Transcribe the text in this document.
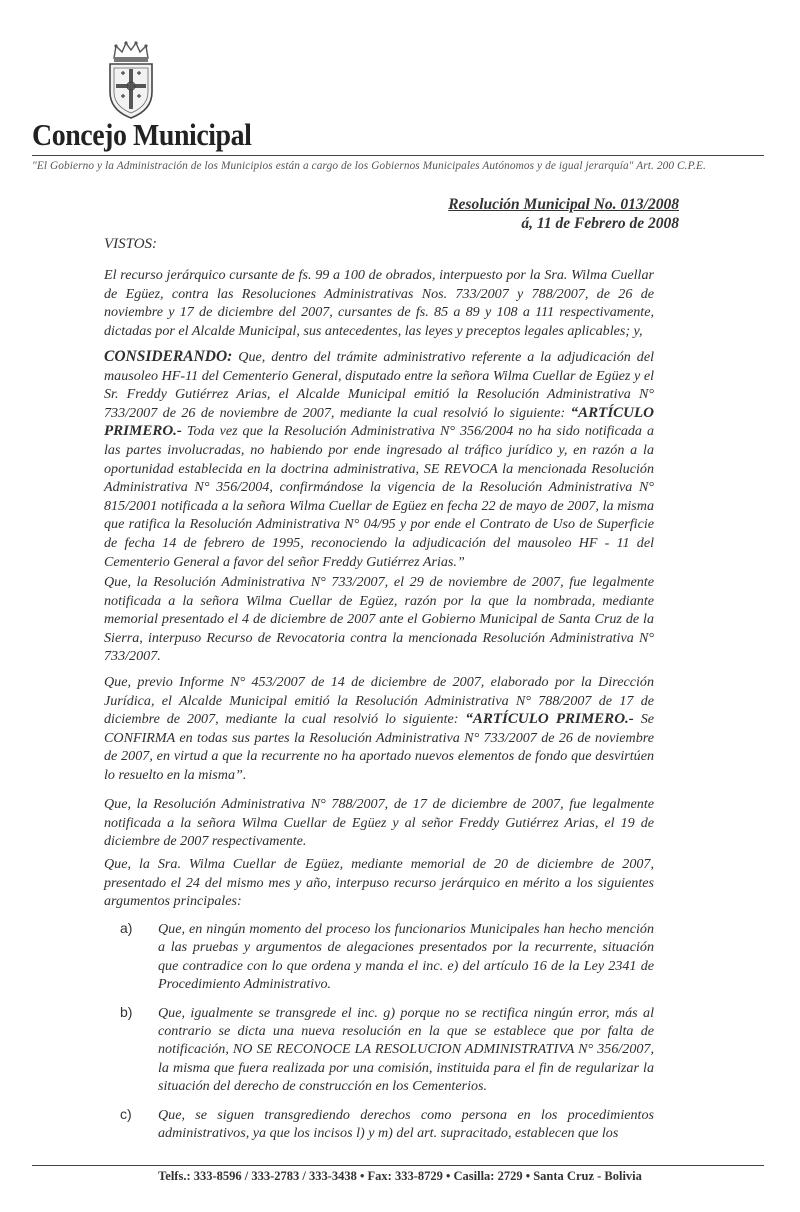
Concejo Municipal
"El Gobierno y la Administración de los Municipios están a cargo de los Gobiernos Municipales Autónomos y de igual jerarquía" Art. 200 C.P.E.
Resolución Municipal No. 013/2008
á, 11 de Febrero de 2008
VISTOS:
El recurso jerárquico cursante de fs. 99 a 100 de obrados, interpuesto por la Sra. Wilma Cuellar de Egüez, contra las Resoluciones Administrativas Nos. 733/2007 y 788/2007, de 26 de noviembre y 17 de diciembre del 2007, cursantes de fs. 85 a 89 y 108 a 111 respectivamente, dictadas por el Alcalde Municipal, sus antecedentes, las leyes y preceptos legales aplicables; y,
CONSIDERANDO: Que, dentro del trámite administrativo referente a la adjudicación del mausoleo HF-11 del Cementerio General, disputado entre la señora Wilma Cuellar de Egüez y el Sr. Freddy Gutiérrez Arias, el Alcalde Municipal emitió la Resolución Administrativa N° 733/2007 de 26 de noviembre de 2007, mediante la cual resolvió lo siguiente: “ARTÍCULO PRIMERO.- Toda vez que la Resolución Administrativa N° 356/2004 no ha sido notificada a las partes involucradas, no habiendo por ende ingresado al tráfico jurídico y, en razón a la oportunidad establecida en la doctrina administrativa, SE REVOCA la mencionada Resolución Administrativa N° 356/2004, confirmándose la vigencia de la Resolución Administrativa N° 815/2001 notificada a la señora Wilma Cuellar de Egüez en fecha 22 de mayo de 2007, la misma que ratifica la Resolución Administrativa N° 04/95 y por ende el Contrato de Uso de Superficie de fecha 14 de febrero de 1995, reconociendo la adjudicación del mausoleo HF - 11 del Cementerio General a favor del señor Freddy Gutiérrez Arias.”
Que, la Resolución Administrativa N° 733/2007, el 29 de noviembre de 2007, fue legalmente notificada a la señora Wilma Cuellar de Egüez, razón por la que la nombrada, mediante memorial presentado el 4 de diciembre de 2007 ante el Gobierno Municipal de Santa Cruz de la Sierra, interpuso Recurso de Revocatoria contra la mencionada Resolución Administrativa N° 733/2007.
Que, previo Informe N° 453/2007 de 14 de diciembre de 2007, elaborado por la Dirección Jurídica, el Alcalde Municipal emitió la Resolución Administrativa N° 788/2007 de 17 de diciembre de 2007, mediante la cual resolvió lo siguiente: “ARTÍCULO PRIMERO.- Se CONFIRMA en todas sus partes la Resolución Administrativa N° 733/2007 de 26 de noviembre de 2007, en virtud a que la recurrente no ha aportado nuevos elementos de fondo que desvirtúen lo resuelto en la misma”.
Que, la Resolución Administrativa N° 788/2007, de 17 de diciembre de 2007, fue legalmente notificada a la señora Wilma Cuellar de Egüez y al señor Freddy Gutiérrez Arias, el 19 de diciembre de 2007 respectivamente.
Que, la Sra. Wilma Cuellar de Egüez, mediante memorial de 20 de diciembre de 2007, presentado el 24 del mismo mes y año, interpuso recurso jerárquico en mérito a los siguientes argumentos principales:
a) Que, en ningún momento del proceso los funcionarios Municipales han hecho mención a las pruebas y argumentos de alegaciones presentados por la recurrente, situación que contradice con lo que ordena y manda el inc. e) del artículo 16 de la Ley 2341 de Procedimiento Administrativo.
b) Que, igualmente se transgrede el inc. g) porque no se rectifica ningún error, más al contrario se dicta una nueva resolución en la que se establece que por falta de notificación, NO SE RECONOCE LA RESOLUCION ADMINISTRATIVA N° 356/2007, la misma que fuera realizada por una comisión, instituida para el fin de regularizar la situación del derecho de construcción en los Cementerios.
c) Que, se siguen transgrediendo derechos como persona en los procedimientos administrativos, ya que los incisos l) y m) del art. supracitado, establecen que los
Telfs.: 333-8596 / 333-2783 / 333-3438 • Fax: 333-8729 • Casilla: 2729 • Santa Cruz - Bolivia
